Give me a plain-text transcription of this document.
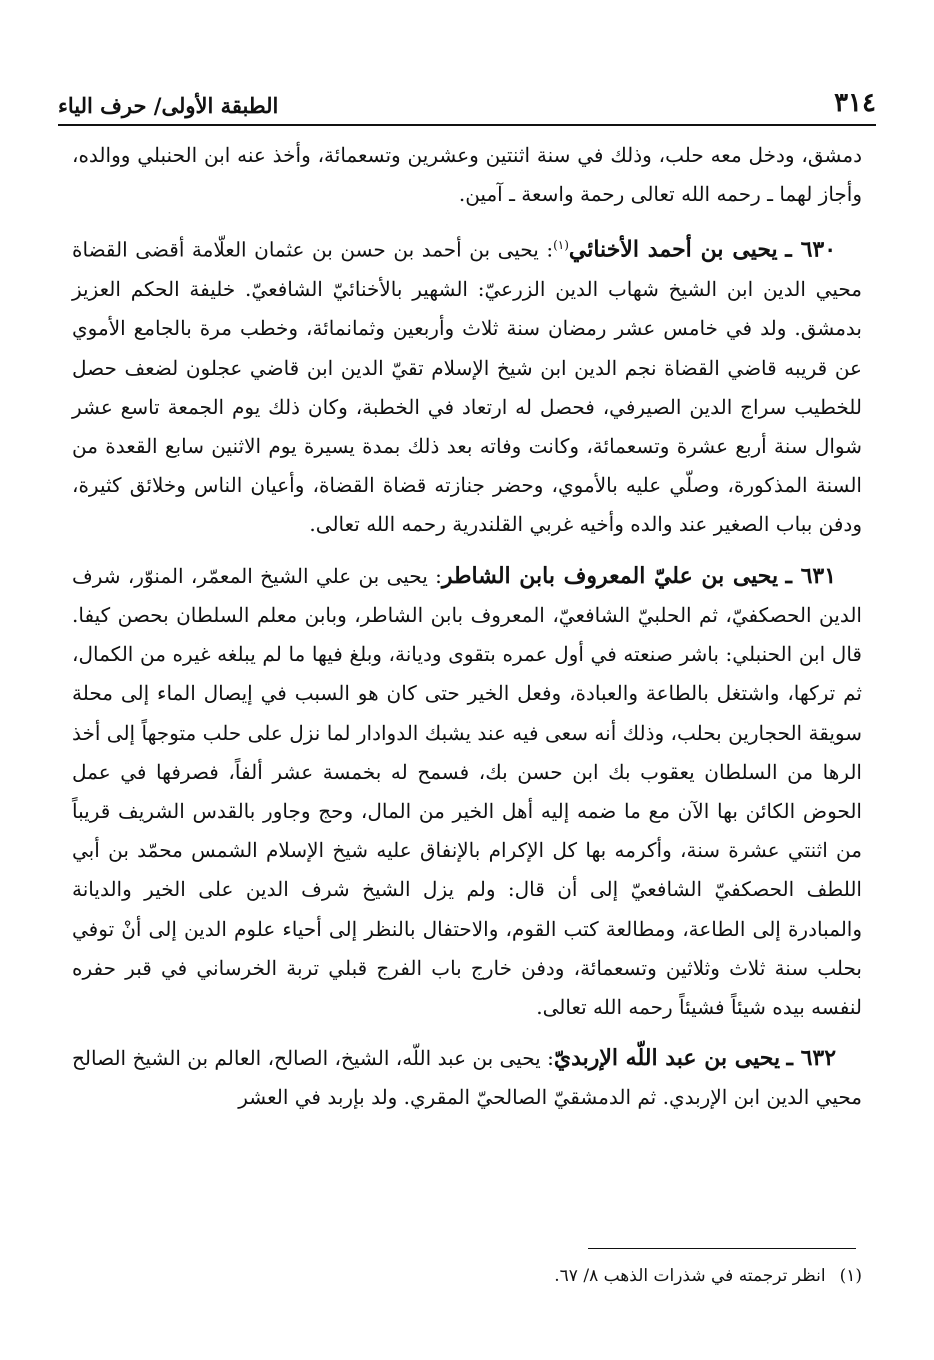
٣١٤
الطبقة الأولى/ حرف الياء

دمشق، ودخل معه حلب، وذلك في سنة اثنتين وعشرين وتسعمائة، وأخذ عنه ابن الحنبلي ووالده، وأجاز لهما ـ رحمه الله تعالى رحمة واسعة ـ آمين.

٦٣٠ ـ يحيى بن أحمد الأخنائي$^{(١)}$: يحيى بن أحمد بن حسن بن عثمان العلّامة أقضى القضاة محيي الدين ابن الشيخ شهاب الدين الزرعيّ: الشهير بالأخنائيّ الشافعيّ. خليفة الحكم العزيز بدمشق. ولد في خامس عشر رمضان سنة ثلاث وأربعين وثمانمائة، وخطب مرة بالجامع الأموي عن قريبه قاضي القضاة نجم الدين ابن شيخ الإسلام تقيّ الدين ابن قاضي عجلون لضعف حصل للخطيب سراج الدين الصيرفي، فحصل له ارتعاد في الخطبة، وكان ذلك يوم الجمعة تاسع عشر شوال سنة أربع عشرة وتسعمائة، وكانت وفاته بعد ذلك بمدة يسيرة يوم الاثنين سابع القعدة من السنة المذكورة، وصلّي عليه بالأموي، وحضر جنازته قضاة القضاة، وأعيان الناس وخلائق كثيرة، ودفن بباب الصغير عند والده وأخيه غربي القلندرية رحمه الله تعالى.

٦٣١ ـ يحيى بن عليّ المعروف بابن الشاطر: يحيى بن علي الشيخ المعمّر، المنوّر، شرف الدين الحصكفيّ، ثم الحلبيّ الشافعيّ، المعروف بابن الشاطر، وبابن معلم السلطان بحصن كيفا. قال ابن الحنبلي: باشر صنعته في أول عمره بتقوى وديانة، وبلغ فيها ما لم يبلغه غيره من الكمال، ثم تركها، واشتغل بالطاعة والعبادة، وفعل الخير حتى كان هو السبب في إيصال الماء إلى محلة سويقة الحجارين بحلب، وذلك أنه سعى فيه عند يشبك الدوادار لما نزل على حلب متوجهاً إلى أخذ الرها من السلطان يعقوب بك ابن حسن بك، فسمح له بخمسة عشر ألفاً، فصرفها في عمل الحوض الكائن بها الآن مع ما ضمه إليه أهل الخير من المال، وحج وجاور بالقدس الشريف قريباً من اثنتي عشرة سنة، وأكرمه بها كل الإكرام بالإنفاق عليه شيخ الإسلام الشمس محمّد بن أبي اللطف الحصكفيّ الشافعيّ إلى أن قال: ولم يزل الشيخ شرف الدين على الخير والديانة والمبادرة إلى الطاعة، ومطالعة كتب القوم، والاحتفال بالنظر إلى أحياء علوم الدين إلى أنْ توفي بحلب سنة ثلاث وثلاثين وتسعمائة، ودفن خارج باب الفرج قبلي تربة الخرساني في قبر حفره لنفسه بيده شيئاً فشيئاً رحمه الله تعالى.

٦٣٢ ـ يحيى بن عبد اللّه الإربديّ: يحيى بن عبد اللّه، الشيخ، الصالح، العالم بن الشيخ الصالح محيي الدين ابن الإربدي. ثم الدمشقيّ الصالحيّ المقري. ولد بإربد في العشر

(١)
انظر ترجمته في شذرات الذهب ٨/ ٦٧.
